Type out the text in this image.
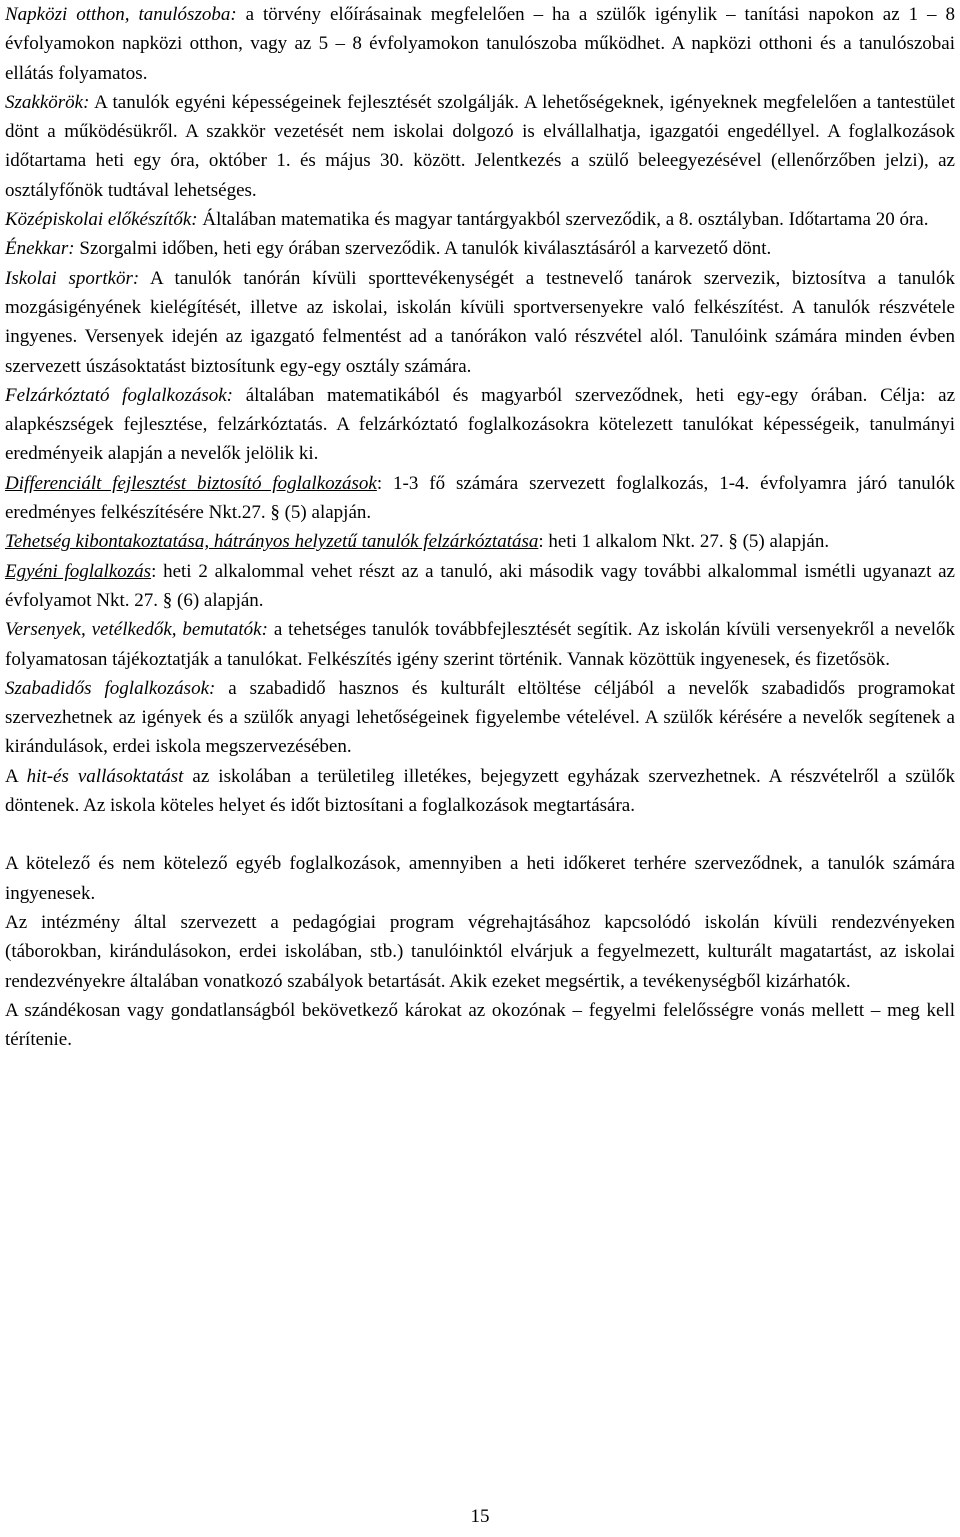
Napközi otthon, tanulószoba: a törvény előírásainak megfelelően – ha a szülők igénylik – tanítási napokon az 1 – 8 évfolyamokon napközi otthon, vagy az 5 – 8 évfolyamokon tanulószoba működhet. A napközi otthoni és a tanulószobai ellátás folyamatos.

Szakkörök: A tanulók egyéni képességeinek fejlesztését szolgálják. A lehetőségeknek, igényeknek megfelelően a tantestület dönt a működésükről. A szakkör vezetését nem iskolai dolgozó is elvállalhatja, igazgatói engedéllyel. A foglalkozások időtartama heti egy óra, október 1. és május 30. között. Jelentkezés a szülő beleegyezésével (ellenőrzőben jelzi), az osztályfőnök tudtával lehetséges.

Középiskolai előkészítők: Általában matematika és magyar tantárgyakból szerveződik, a 8. osztályban. Időtartama 20 óra.

Énekkar: Szorgalmi időben, heti egy órában szerveződik. A tanulók kiválasztásáról a karvezető dönt.

Iskolai sportkör: A tanulók tanórán kívüli sporttevékenységét a testnevelő tanárok szervezik, biztosítva a tanulók mozgásigényének kielégítését, illetve az iskolai, iskolán kívüli sportversenyekre való felkészítést. A tanulók részvétele ingyenes. Versenyek idején az igazgató felmentést ad a tanórákon való részvétel alól. Tanulóink számára minden évben szervezett úszásoktatást biztosítunk egy-egy osztály számára.

Felzárkóztató foglalkozások: általában matematikából és magyarból szerveződnek, heti egy-egy órában. Célja: az alapkészségek fejlesztése, felzárkóztatás. A felzárkóztató foglalkozásokra kötelezett tanulókat képességeik, tanulmányi eredményeik alapján a nevelők jelölik ki.

Differenciált fejlesztést biztosító foglalkozások: 1-3 fő számára szervezett foglalkozás, 1-4. évfolyamra járó tanulók eredményes felkészítésére Nkt.27. § (5) alapján.

Tehetség kibontakoztatása, hátrányos helyzetű tanulók felzárkóztatása: heti 1 alkalom Nkt. 27. § (5) alapján.

Egyéni foglalkozás: heti 2 alkalommal vehet részt az a tanuló, aki második vagy további alkalommal ismétli ugyanazt az évfolyamot Nkt. 27. § (6) alapján.

Versenyek, vetélkedők, bemutatók: a tehetséges tanulók továbbfejlesztését segítik. Az iskolán kívüli versenyekről a nevelők folyamatosan tájékoztatják a tanulókat. Felkészítés igény szerint történik. Vannak közöttük ingyenesek, és fizetősök.

Szabadidős foglalkozások: a szabadidő hasznos és kulturált eltöltése céljából a nevelők szabadidős programokat szervezhetnek az igények és a szülők anyagi lehetőségeinek figyelembe vételével. A szülők kérésére a nevelők segítenek a kirándulások, erdei iskola megszervezésében.

A hit-és vallásoktatást az iskolában a területileg illetékes, bejegyzett egyházak szervezhetnek. A részvételről a szülők döntenek. Az iskola köteles helyet és időt biztosítani a foglalkozások megtartására.

A kötelező és nem kötelező egyéb foglalkozások, amennyiben a heti időkeret terhére szerveződnek, a tanulók számára ingyenesek.

Az intézmény által szervezett a pedagógiai program végrehajtásához kapcsolódó iskolán kívüli rendezvényeken (táborokban, kirándulásokon, erdei iskolában, stb.) tanulóinktól elvárjuk a fegyelmezett, kulturált magatartást, az iskolai rendezvényekre általában vonatkozó szabályok betartását. Akik ezeket megsértik, a tevékenységből kizárhatók.

A szándékosan vagy gondatlanságból bekövetkező károkat az okozónak – fegyelmi felelősségre vonás mellett – meg kell térítenie.

15
